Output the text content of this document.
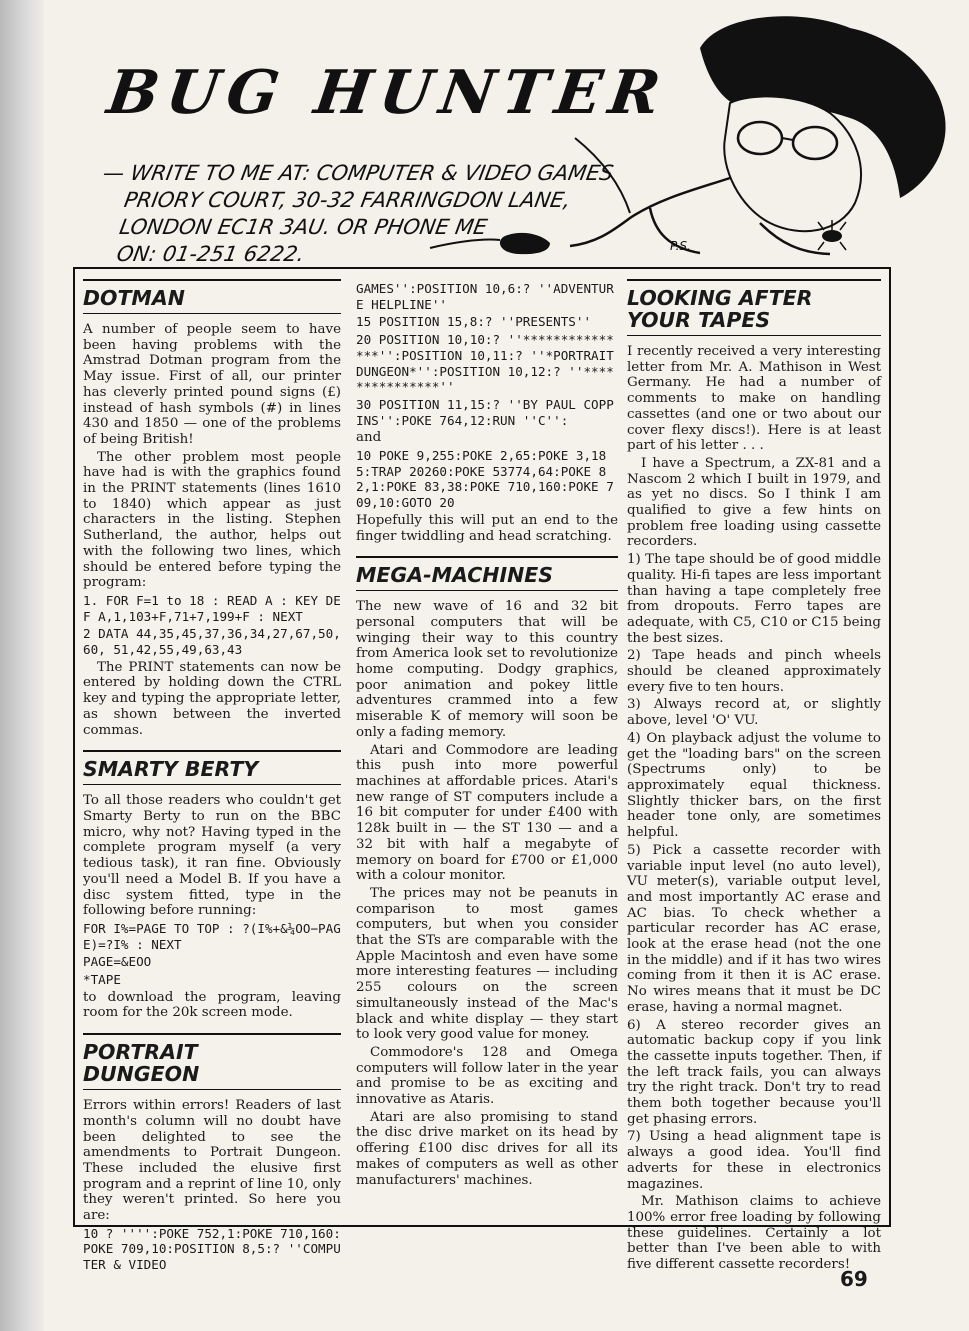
BUG HUNTER
— WRITE TO ME AT: COMPUTER & VIDEO GAMES
PRIORY COURT, 30-32 FARRINGDON LANE,
LONDON EC1R 3AU. OR PHONE ME
ON: 01-251 6222.	P.S.
DOTMAN

A number of people seem to have been having problems with the Amstrad Dotman program from the May issue. First of all, our printer has cleverly printed pound signs (£) instead of hash symbols (#) in lines 430 and 1850 — one of the problems of being British!

The other problem most people have had is with the graphics found in the PRINT statements (lines 1610 to 1840) which appear as just characters in the listing. Stephen Sutherland, the author, helps out with the following two lines, which should be entered before typing the program:

1. FOR F=1 to 18 : READ A : KEY DEF A,1,103+F,71+7,199+F : NEXT

2 DATA 44,35,45,37,36,34,27,67,50,60, 51,42,55,49,63,43

The PRINT statements can now be entered by holding down the CTRL key and typing the appropriate letter, as shown between the inverted commas.

SMARTY BERTY

To all those readers who couldn't get Smarty Berty to run on the BBC micro, why not? Having typed in the complete program myself (a very tedious task), it ran fine. Obviously you'll need a Model B. If you have a disc system fitted, type in the following before running:

FOR I%=PAGE TO TOP : ?(I%+&¼OO−PAGE)=?I% : NEXT

PAGE=&EOO

*TAPE

to download the program, leaving room for the 20k screen mode.

PORTRAIT
DUNGEON

Errors within errors! Readers of last month's column will no doubt have been delighted to see the amendments to Portrait Dungeon. These included the elusive first program and a reprint of line 10, only they weren't printed. So here you are:

10 ? '''':POKE 752,1:POKE 710,160:POKE 709,10:POSITION 8,5:? ''COMPUTER & VIDEO

GAMES'':POSITION 10,6:? ''ADVENTURE HELPLINE''

15 POSITION 15,8:? ''PRESENTS''

20 POSITION 10,10:? ''***************'':POSITION 10,11:? ''*PORTRAIT DUNGEON*'':POSITION 10,12:? ''***************''

30 POSITION 11,15:? ''BY PAUL COPPINS'':POKE 764,12:RUN ''C'':

and

10 POKE 9,255:POKE 2,65:POKE 3,185:TRAP 20260:POKE 53774,64:POKE 82,1:POKE 83,38:POKE 710,160:POKE 709,10:GOTO 20

Hopefully this will put an end to the finger twiddling and head scratching.

MEGA-MACHINES

The new wave of 16 and 32 bit personal computers that will be winging their way to this country from America look set to revolutionize home computing. Dodgy graphics, poor animation and pokey little adventures crammed into a few miserable K of memory will soon be only a fading memory.

Atari and Commodore are leading this push into more powerful machines at affordable prices. Atari's new range of ST computers include a 16 bit computer for under £400 with 128k built in — the ST 130 — and a 32 bit with half a megabyte of memory on board for £700 or £1,000 with a colour monitor.

The prices may not be peanuts in comparison to most games computers, but when you consider that the STs are comparable with the Apple Macintosh and even have some more interesting features — including 255 colours on the screen simultaneously instead of the Mac's black and white display — they start to look very good value for money.

Commodore's 128 and Omega computers will follow later in the year and promise to be as exciting and innovative as Ataris.

Atari are also promising to stand the disc drive market on its head by offering £100 disc drives for all its makes of computers as well as other manufacturers' machines.

LOOKING AFTER
YOUR TAPES

I recently received a very interesting letter from Mr. A. Mathison in West Germany. He had a number of comments to make on handling cassettes (and one or two about our cover flexy discs!). Here is at least part of his letter . . .

I have a Spectrum, a ZX-81 and a Nascom 2 which I built in 1979, and as yet no discs. So I think I am qualified to give a few hints on problem free loading using cassette recorders.

1) The tape should be of good middle quality. Hi-fi tapes are less important than having a tape completely free from dropouts. Ferro tapes are adequate, with C5, C10 or C15 being the best sizes.

2) Tape heads and pinch wheels should be cleaned approximately every five to ten hours.

3) Always record at, or slightly above, level 'O' VU.

4) On playback adjust the volume to get the "loading bars" on the screen (Spectrums only) to be approximately equal thickness. Slightly thicker bars, on the first header tone only, are sometimes helpful.

5) Pick a cassette recorder with variable input level (no auto level), VU meter(s), variable output level, and most importantly AC erase and AC bias. To check whether a particular recorder has AC erase, look at the erase head (not the one in the middle) and if it has two wires coming from it then it is AC erase. No wires means that it must be DC erase, having a normal magnet.

6) A stereo recorder gives an automatic backup copy if you link the cassette inputs together. Then, if the left track fails, you can always try the right track. Don't try to read them both together because you'll get phasing errors.

7) Using a head alignment tape is always a good idea. You'll find adverts for these in electronics magazines.

Mr. Mathison claims to achieve 100% error free loading by following these guidelines. Certainly a lot better than I've been able to with five different cassette recorders!

69
